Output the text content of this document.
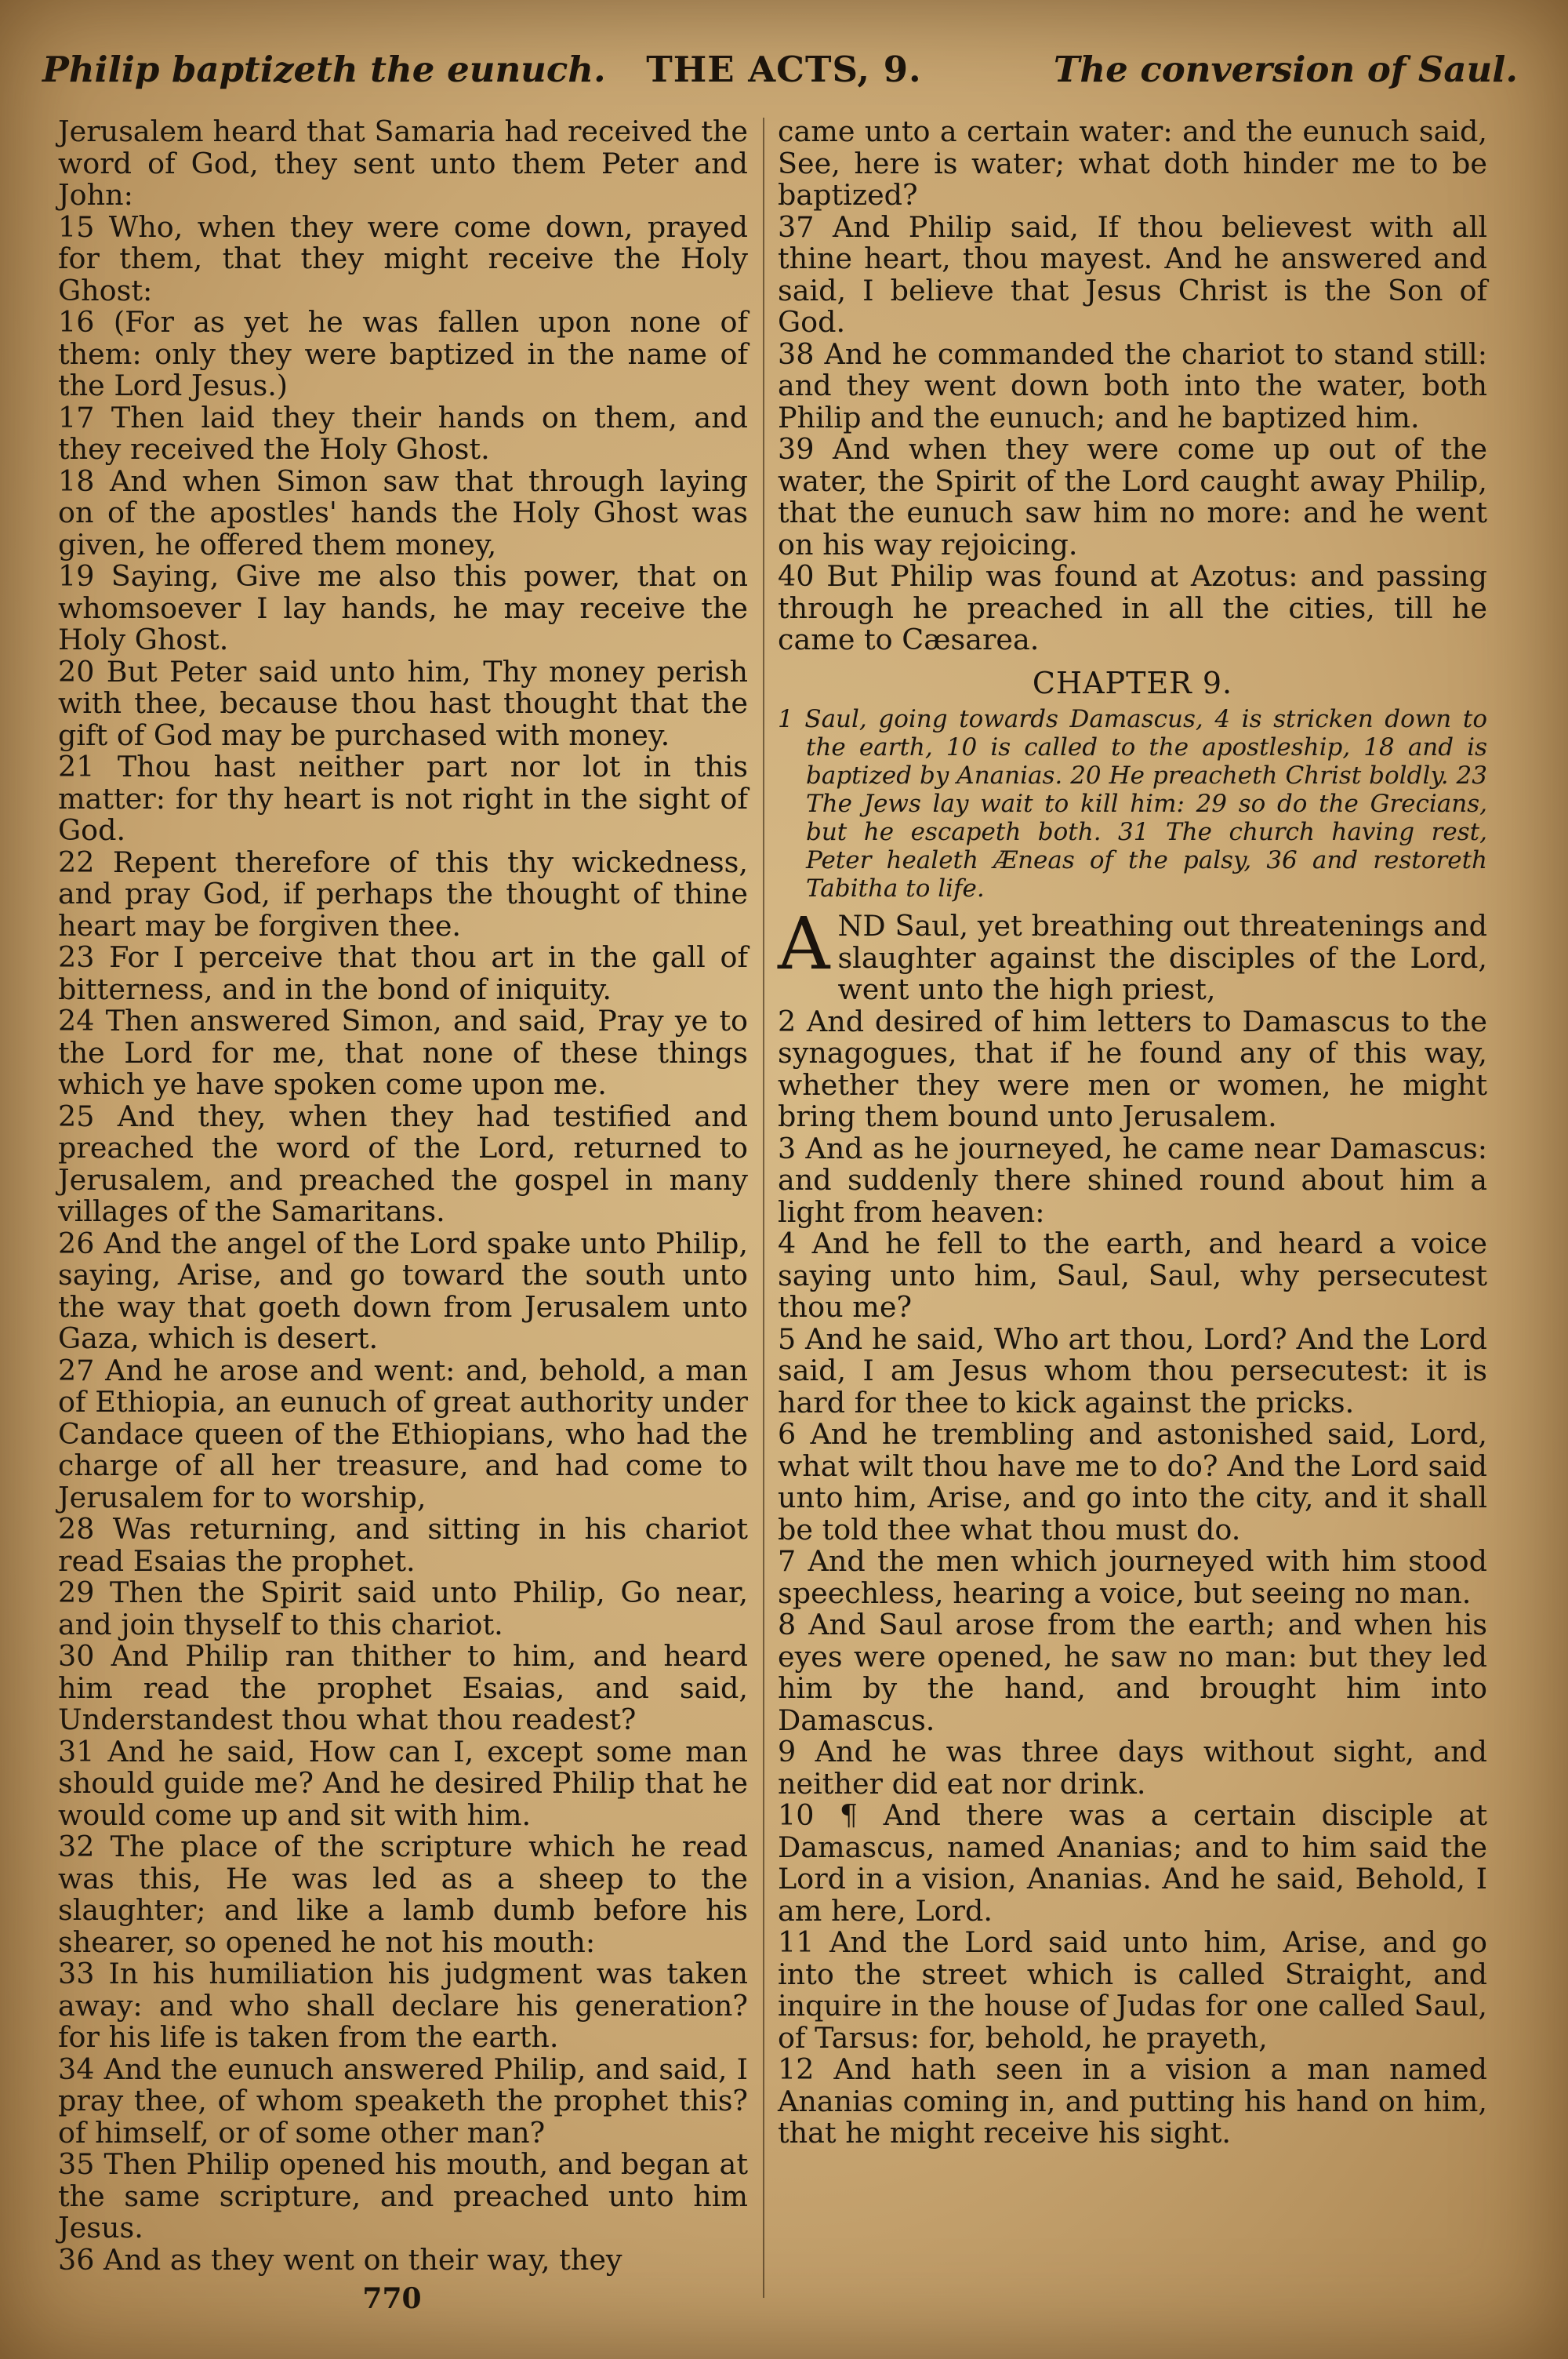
Philip baptizeth the eunuch.	THE ACTS, 9.	The conversion of Saul.

Jerusalem heard that Samaria had received the word of God, they sent unto them Peter and John:

15 Who, when they were come down, prayed for them, that they might receive the Holy Ghost:

16 (For as yet he was fallen upon none of them: only they were baptized in the name of the Lord Jesus.)

17 Then laid they their hands on them, and they received the Holy Ghost.

18 And when Simon saw that through laying on of the apostles' hands the Holy Ghost was given, he offered them money,

19 Saying, Give me also this power, that on whomsoever I lay hands, he may receive the Holy Ghost.

20 But Peter said unto him, Thy money perish with thee, because thou hast thought that the gift of God may be purchased with money.

21 Thou hast neither part nor lot in this matter: for thy heart is not right in the sight of God.

22 Repent therefore of this thy wickedness, and pray God, if perhaps the thought of thine heart may be forgiven thee.

23 For I perceive that thou art in the gall of bitterness, and in the bond of iniquity.

24 Then answered Simon, and said, Pray ye to the Lord for me, that none of these things which ye have spoken come upon me.

25 And they, when they had testified and preached the word of the Lord, returned to Jerusalem, and preached the gospel in many villages of the Samaritans.

26 And the angel of the Lord spake unto Philip, saying, Arise, and go toward the south unto the way that goeth down from Jerusalem unto Gaza, which is desert.

27 And he arose and went: and, behold, a man of Ethiopia, an eunuch of great authority under Candace queen of the Ethiopians, who had the charge of all her treasure, and had come to Jerusalem for to worship,

28 Was returning, and sitting in his chariot read Esaias the prophet.

29 Then the Spirit said unto Philip, Go near, and join thyself to this chariot.

30 And Philip ran thither to him, and heard him read the prophet Esaias, and said, Understandest thou what thou readest?

31 And he said, How can I, except some man should guide me? And he desired Philip that he would come up and sit with him.

32 The place of the scripture which he read was this, He was led as a sheep to the slaughter; and like a lamb dumb before his shearer, so opened he not his mouth:

33 In his humiliation his judgment was taken away: and who shall declare his generation? for his life is taken from the earth.

34 And the eunuch answered Philip, and said, I pray thee, of whom speaketh the prophet this? of himself, or of some other man?

35 Then Philip opened his mouth, and began at the same scripture, and preached unto him Jesus.

36 And as they went on their way, they

came unto a certain water: and the eunuch said, See, here is water; what doth hinder me to be baptized?

37 And Philip said, If thou believest with all thine heart, thou mayest. And he answered and said, I believe that Jesus Christ is the Son of God.

38 And he commanded the chariot to stand still: and they went down both into the water, both Philip and the eunuch; and he baptized him.

39 And when they were come up out of the water, the Spirit of the Lord caught away Philip, that the eunuch saw him no more: and he went on his way rejoicing.

40 But Philip was found at Azotus: and passing through he preached in all the cities, till he came to Cæsarea.

CHAPTER 9.
1 Saul, going towards Damascus, 4 is stricken down to the earth, 10 is called to the apostleship, 18 and is baptized by Ananias. 20 He preacheth Christ boldly. 23 The Jews lay wait to kill him: 29 so do the Grecians, but he escapeth both. 31 The church having rest, Peter healeth Æneas of the palsy, 36 and restoreth Tabitha to life.

AND Saul, yet breathing out threatenings and slaughter against the disciples of the Lord, went unto the high priest,

2 And desired of him letters to Damascus to the synagogues, that if he found any of this way, whether they were men or women, he might bring them bound unto Jerusalem.

3 And as he journeyed, he came near Damascus: and suddenly there shined round about him a light from heaven:

4 And he fell to the earth, and heard a voice saying unto him, Saul, Saul, why persecutest thou me?

5 And he said, Who art thou, Lord? And the Lord said, I am Jesus whom thou persecutest: it is hard for thee to kick against the pricks.

6 And he trembling and astonished said, Lord, what wilt thou have me to do? And the Lord said unto him, Arise, and go into the city, and it shall be told thee what thou must do.

7 And the men which journeyed with him stood speechless, hearing a voice, but seeing no man.

8 And Saul arose from the earth; and when his eyes were opened, he saw no man: but they led him by the hand, and brought him into Damascus.

9 And he was three days without sight, and neither did eat nor drink.

10 ¶ And there was a certain disciple at Damascus, named Ananias; and to him said the Lord in a vision, Ananias. And he said, Behold, I am here, Lord.

11 And the Lord said unto him, Arise, and go into the street which is called Straight, and inquire in the house of Judas for one called Saul, of Tarsus: for, behold, he prayeth,

12 And hath seen in a vision a man named Ananias coming in, and putting his hand on him, that he might receive his sight.

770
